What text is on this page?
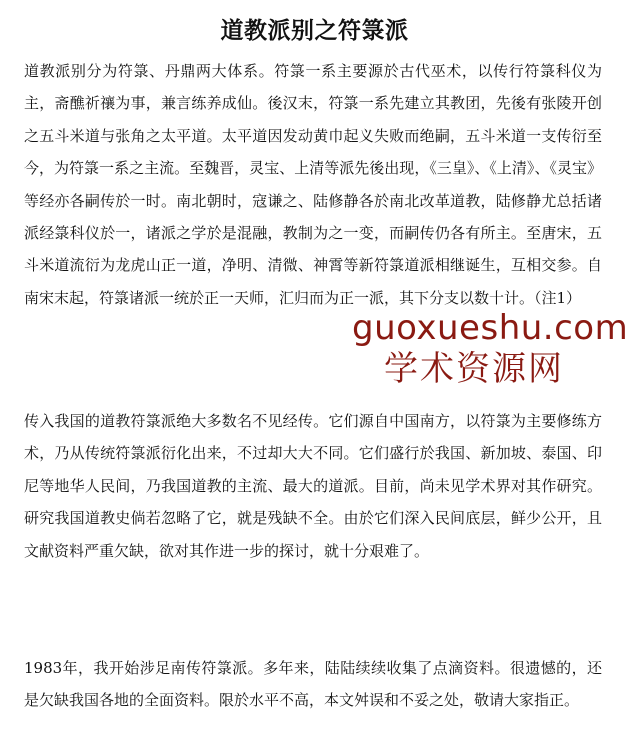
道教派别之符箓派

道教派别分为符箓、丹鼎两大体系。符箓一系主要源於古代巫术，以传行符箓科仪为主，斋醮祈禳为事，兼言练养成仙。後汉末，符箓一系先建立其教团，先後有张陵开创之五斗米道与张角之太平道。太平道因发动黄巾起义失败而绝嗣，五斗米道一支传衍至今，为符箓一系之主流。至魏晋，灵宝、上清等派先後出现，《三皇》、《上清》、《灵宝》等经亦各嗣传於一时。南北朝时，寇谦之、陆修静各於南北改革道教，陆修静尤总括诸派经箓科仪於一，诸派之学於是混融，教制为之一变，而嗣传仍各有所主。至唐宋，五斗米道流衍为龙虎山正一道，净明、清微、神霄等新符箓道派相继诞生，互相交参。自南宋末起，符箓诸派一统於正一天师，汇归而为正一派，其下分支以数十计。（注1）

传入我国的道教符箓派绝大多数名不见经传。它们源自中国南方，以符箓为主要修练方术，乃从传统符箓派衍化出来，不过却大大不同。它们盛行於我国、新加坡、泰国、印尼等地华人民间，乃我国道教的主流、最大的道派。目前，尚未见学术界对其作研究。研究我国道教史倘若忽略了它，就是残缺不全。由於它们深入民间底层，鲜少公开，且文献资料严重欠缺，欲对其作进一步的探讨，就十分艰难了。

1983年，我开始涉足南传符箓派。多年来，陆陆续续收集了点滴资料。很遗憾的，还是欠缺我国各地的全面资料。限於水平不高，本文舛误和不妥之处，敬请大家指正。

guoxueshu.com
学术资源网
